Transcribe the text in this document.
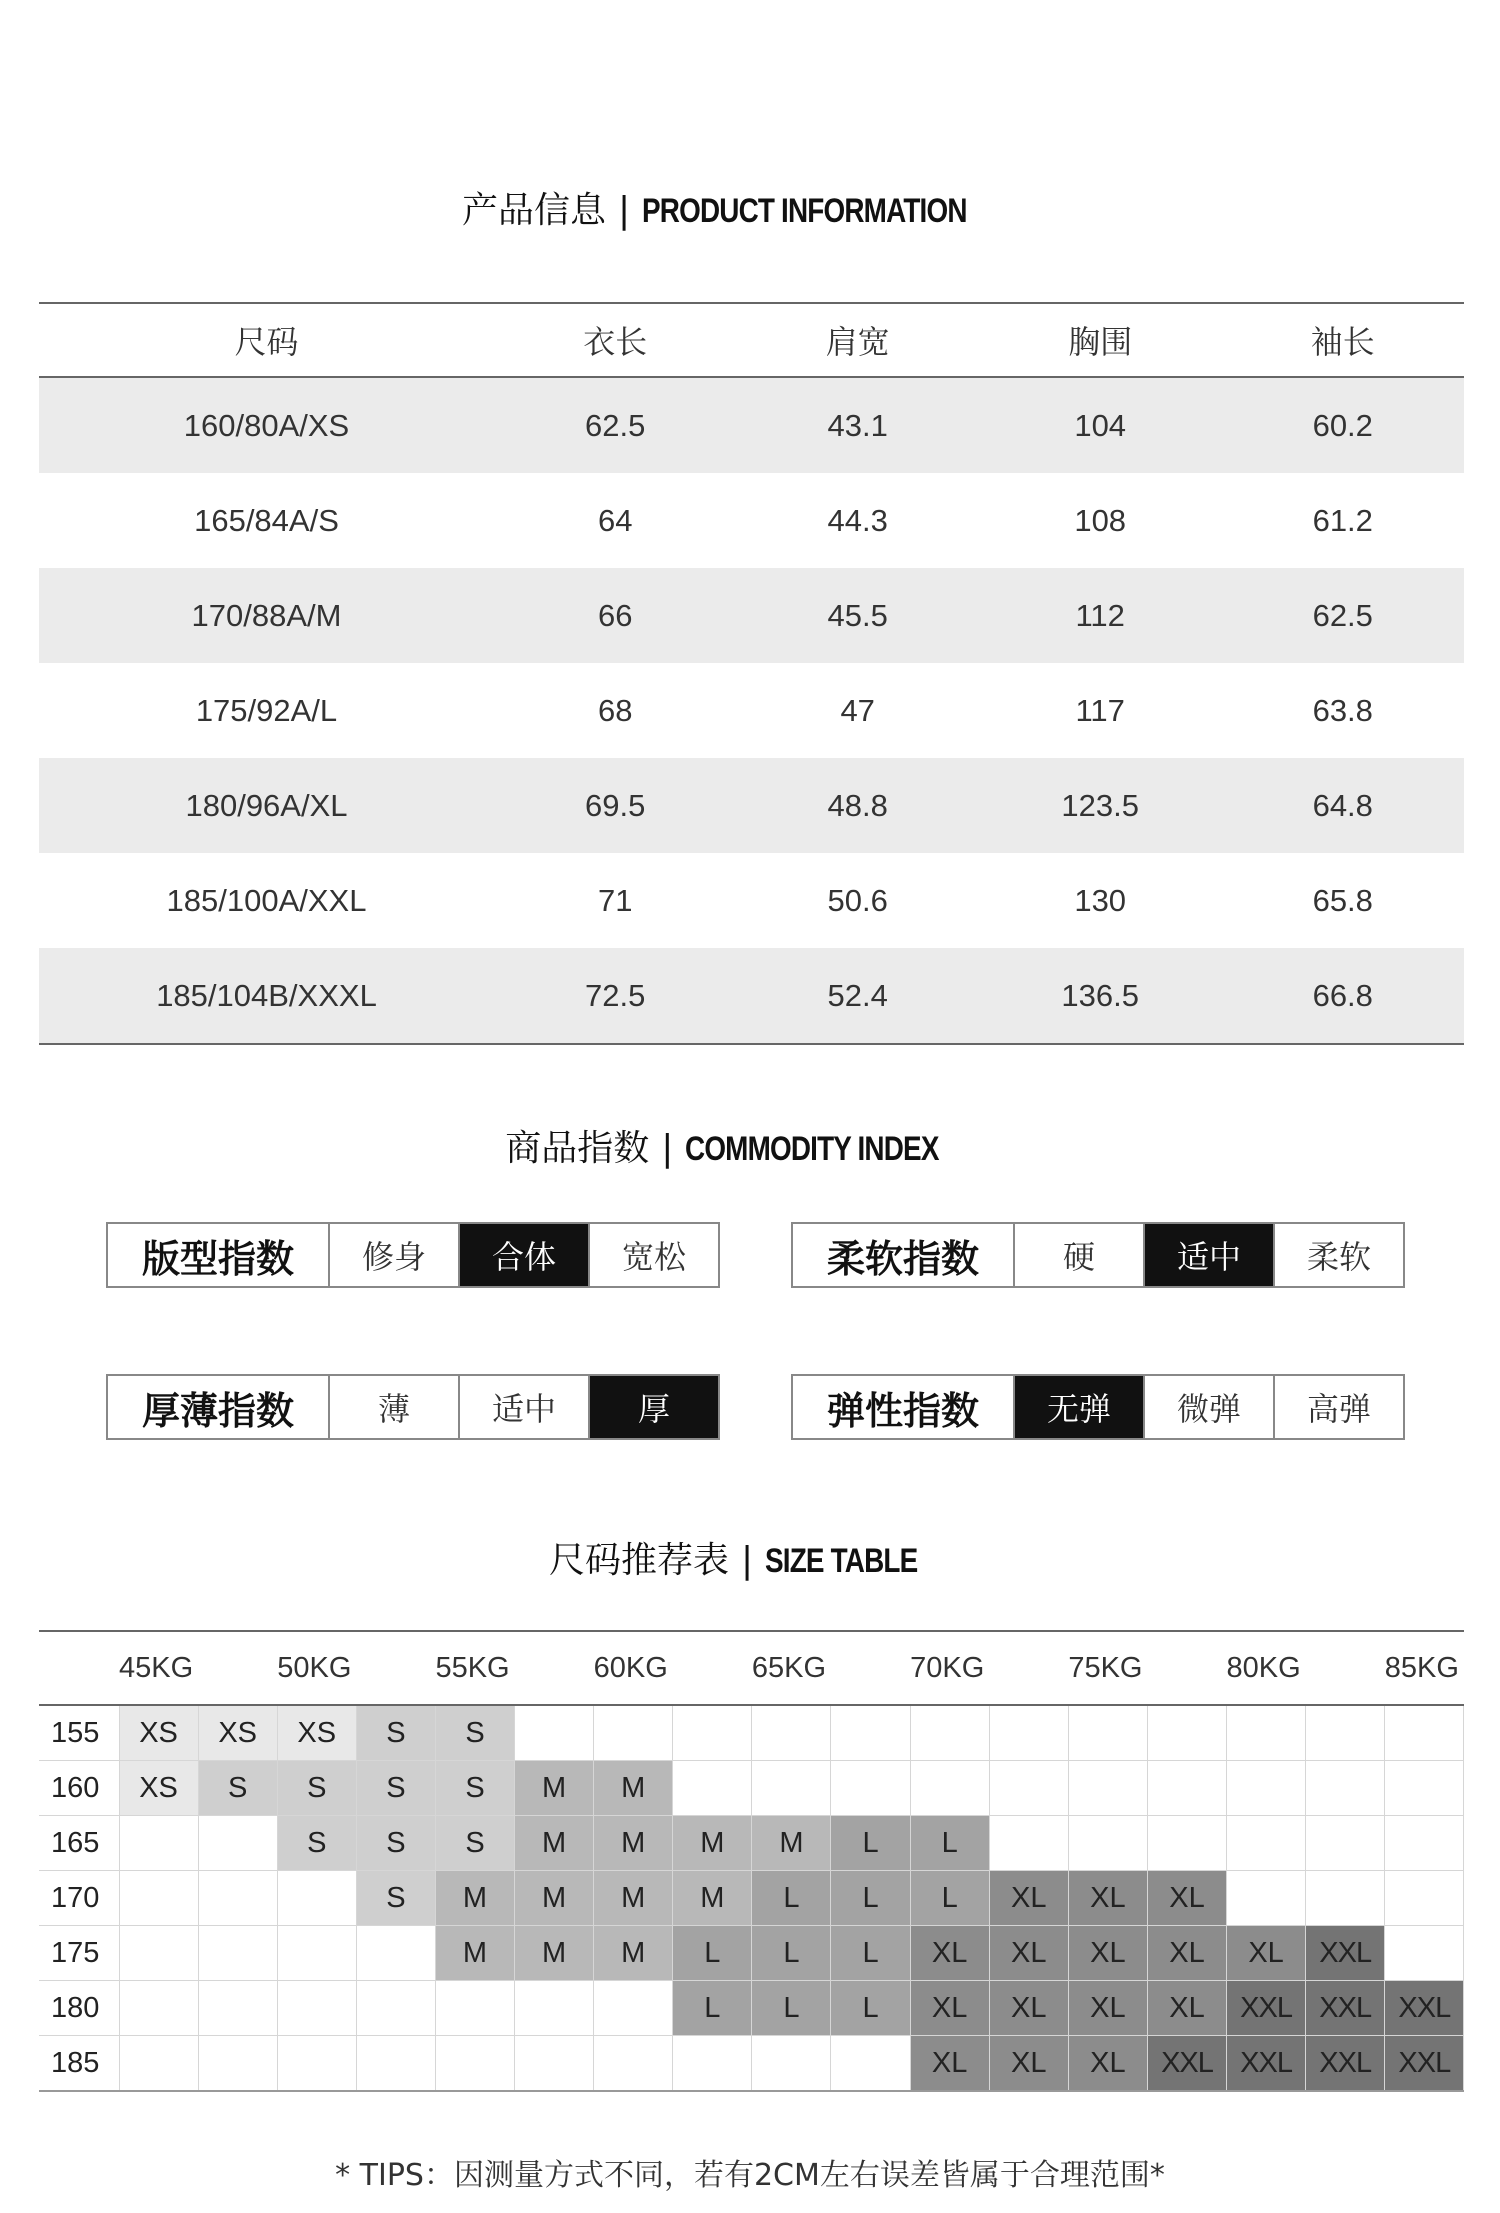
产品信息 | PRODUCT INFORMATION
尺码	衣长	肩宽	胸围	袖长
160/80A/XS	62.5	43.1	104	60.2
165/84A/S	64	44.3	108	61.2
170/88A/M	66	45.5	112	62.5
175/92A/L	68	47	117	63.8
180/96A/XL	69.5	48.8	123.5	64.8
185/100A/XXL	71	50.6	130	65.8
185/104B/XXXL	72.5	52.4	136.5	66.8
商品指数 | COMMODITY INDEX
版型指数	修身	合体	宽松	柔软指数	硬	适中	柔软
厚薄指数	薄	适中	厚	弹性指数	无弹	微弹	高弹
尺码推荐表 | SIZE TABLE
	45KG		50KG		55KG		60KG		65KG		70KG		75KG		80KG		85KG
155	XS	XS	XS	S	S												
160	XS	S	S	S	S	M	M										
165			S	S	S	M	M	M	M	L	L						
170				S	M	M	M	M	L	L	L	XL	XL	XL			
175					M	M	M	L	L	L	XL	XL	XL	XL	XL	XXL	
180								L	L	L	XL	XL	XL	XL	XXL	XXL	XXL
185											XL	XL	XL	XXL	XXL	XXL	XXL
* TIPS：因测量方式不同，若有2CM左右误差皆属于合理范围*
